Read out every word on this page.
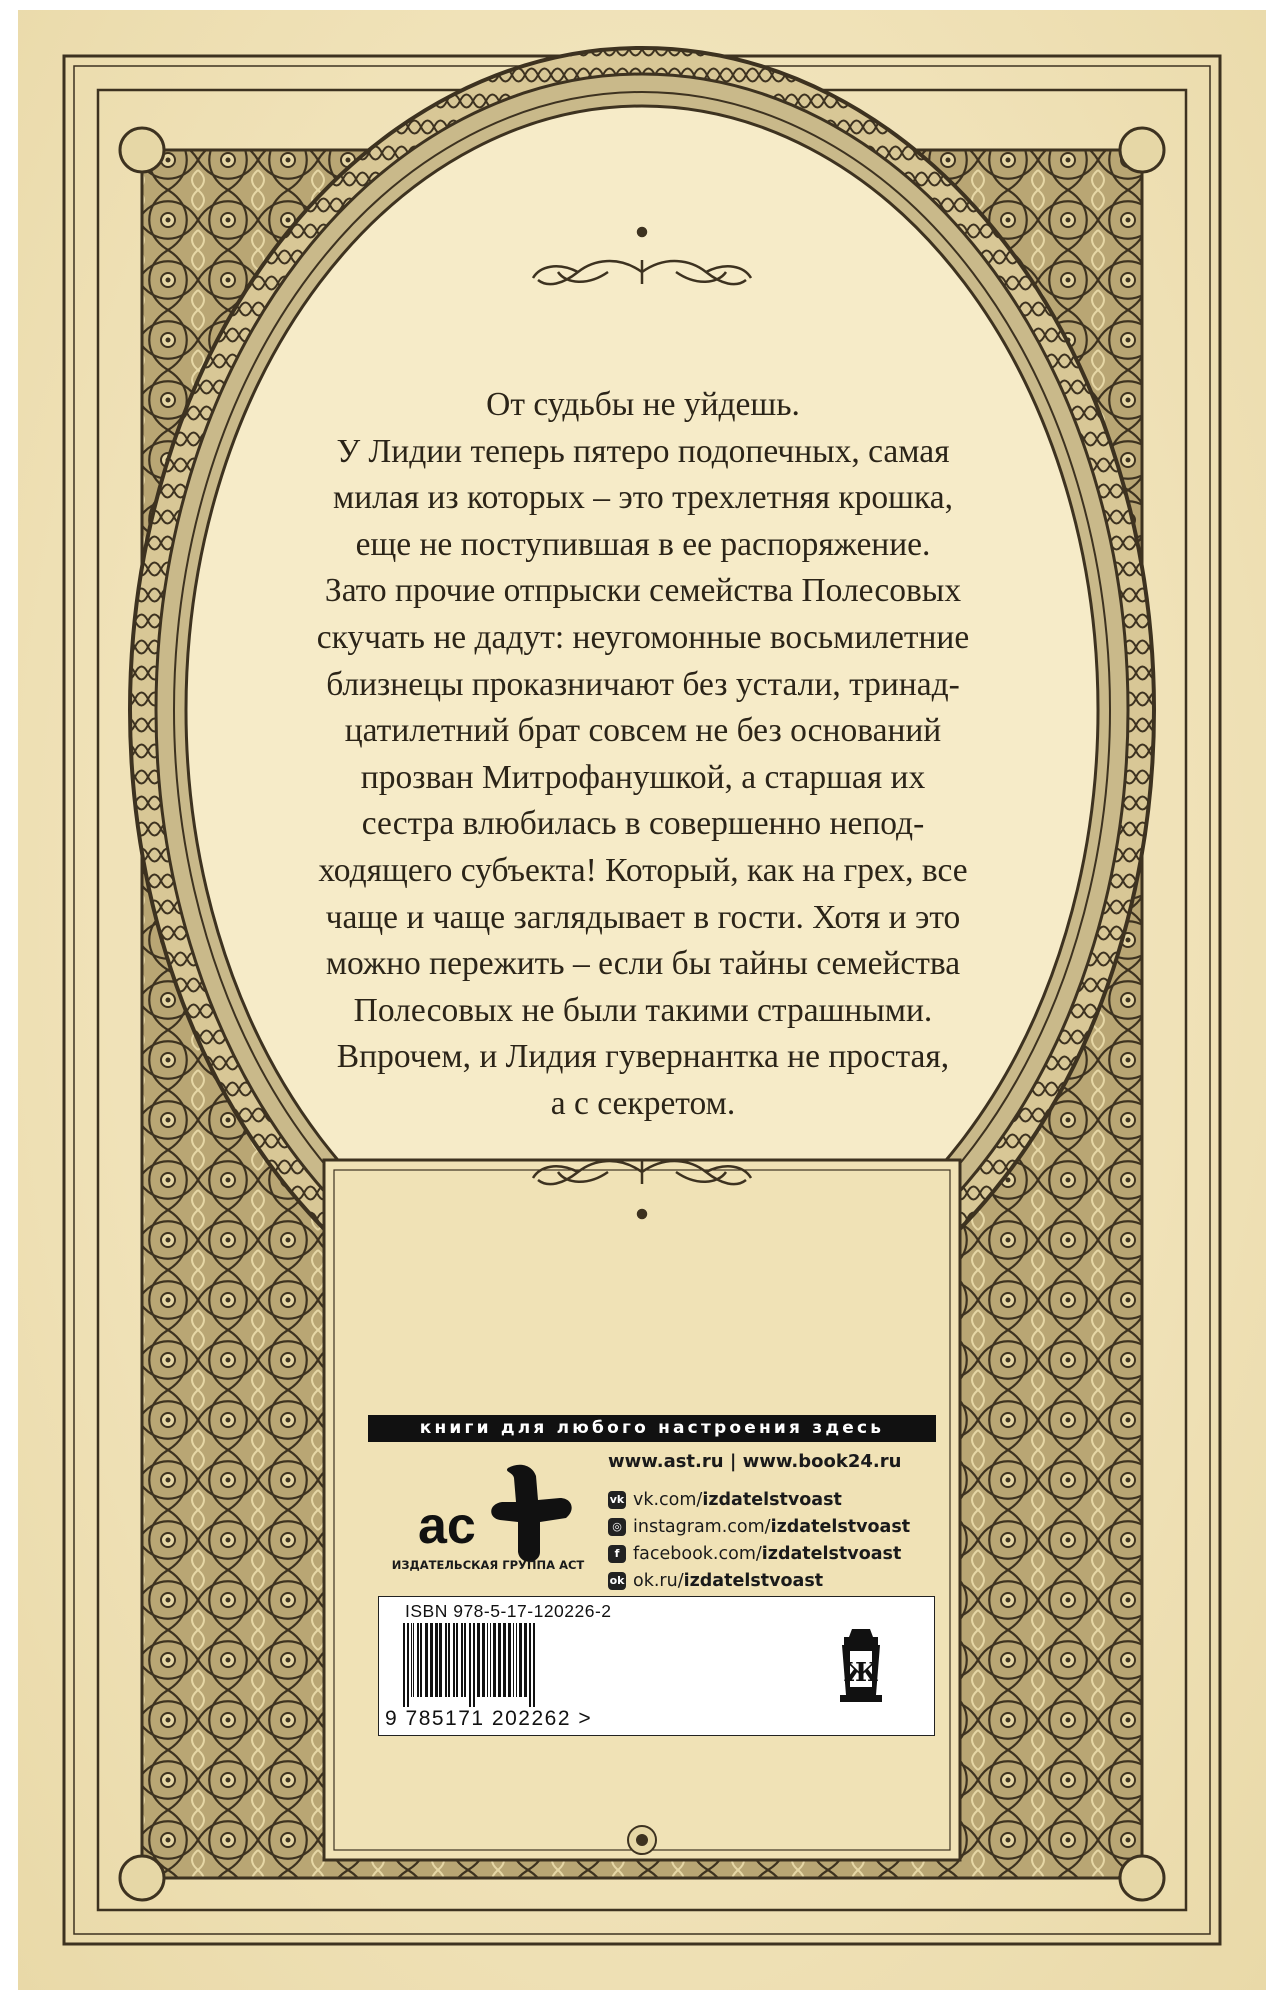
От судьбы не уйдешь.
У Лидии теперь пятеро подопечных, самая
милая из которых – это трехлетняя крошка,
еще не поступившая в ее распоряжение.
Зато прочие отпрыски семейства Полесовых
скучать не дадут: неугомонные восьмилетние
близнецы проказничают без устали, тринад-
цатилетний брат совсем не без оснований
прозван Митрофанушкой, а старшая их
сестра влюбилась в совершенно непод-
ходящего субъекта! Который, как на грех, все
чаще и чаще заглядывает в гости. Хотя и это
можно пережить – если бы тайны семейства
Полесовых не были такими страшными.
Впрочем, и Лидия гувернантка не простая,
а с секретом.
книги для любого настроения здесь
ас
ИЗДАТЕЛЬСКАЯ ГРУППА АСТ
www.ast.ru | www.book24.ru
vk vk.com/ izdatelstvoast
◎ instagram.com/ izdatelstvoast
f facebook.com/ izdatelstvoast
ok ok.ru/ izdatelstvoast
ISBN 978-5-17-120226-2
9 785171 202262 >
Ж
